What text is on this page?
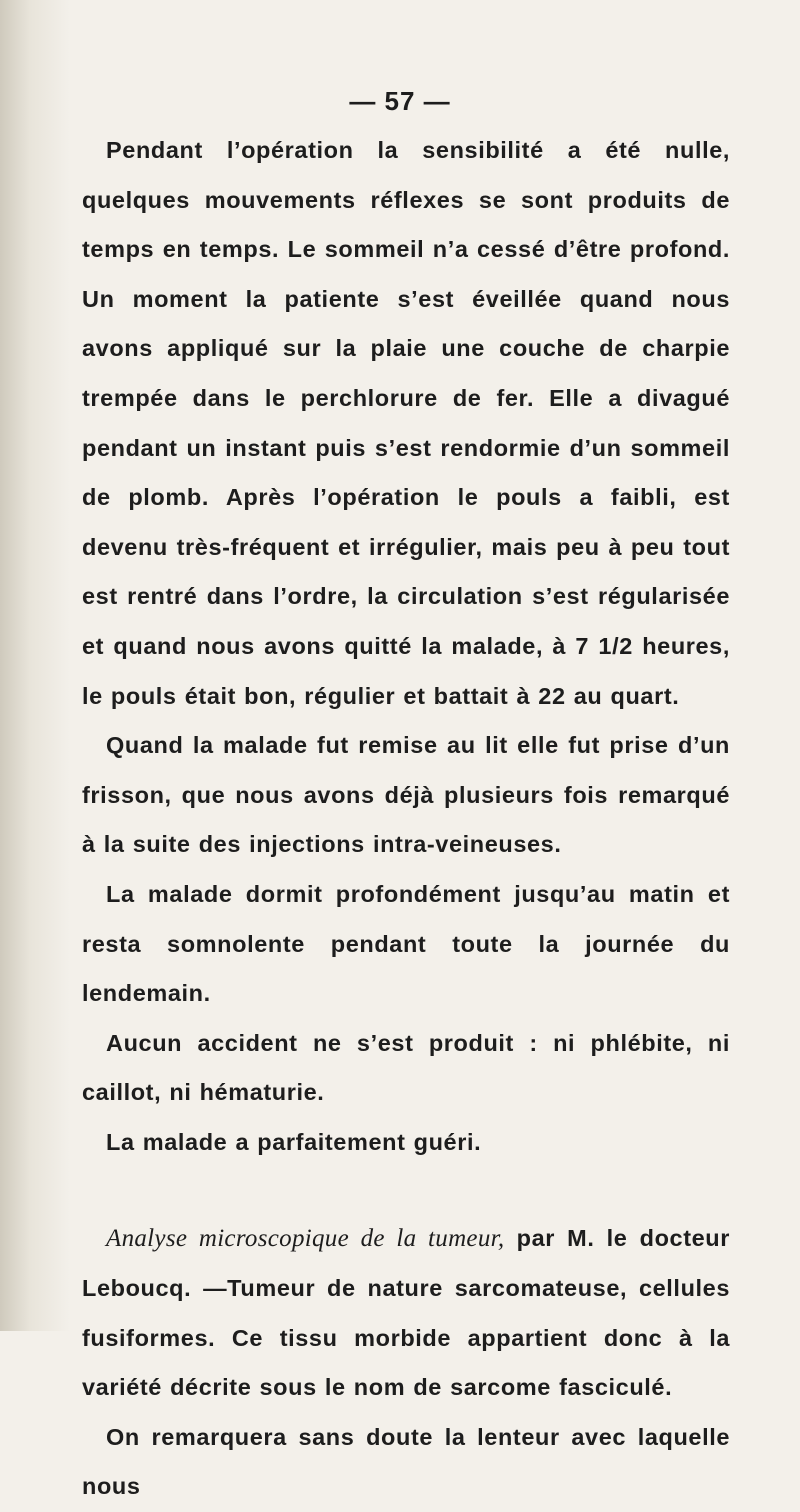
— 57 —

Pendant l’opération la sensibilité a été nulle, quelques mouvements réflexes se sont produits de temps en temps. Le sommeil n’a cessé d’être profond. Un moment la patiente s’est éveillée quand nous avons appliqué sur la plaie une couche de charpie trempée dans le perchlorure de fer. Elle a divagué pendant un instant puis s’est rendormie d’un sommeil de plomb. Après l’opération le pouls a faibli, est devenu très-fréquent et irrégulier, mais peu à peu tout est rentré dans l’ordre, la circulation s’est régularisée et quand nous avons quitté la malade, à 7 1/2 heures, le pouls était bon, régulier et battait à 22 au quart.

Quand la malade fut remise au lit elle fut prise d’un frisson, que nous avons déjà plusieurs fois remarqué à la suite des injections intra-veineuses.

La malade dormit profondément jusqu’au matin et resta somnolente pendant toute la journée du lendemain.

Aucun accident ne s’est produit : ni phlébite, ni caillot, ni hématurie.

La malade a parfaitement guéri.

Analyse microscopique de la tumeur, par M. le docteur Leboucq. —Tumeur de nature sarcomateuse, cellules fusiformes. Ce tissu morbide appartient donc à la variété décrite sous le nom de sarcome fasciculé.

On remarquera sans doute la lenteur avec laquelle nous
